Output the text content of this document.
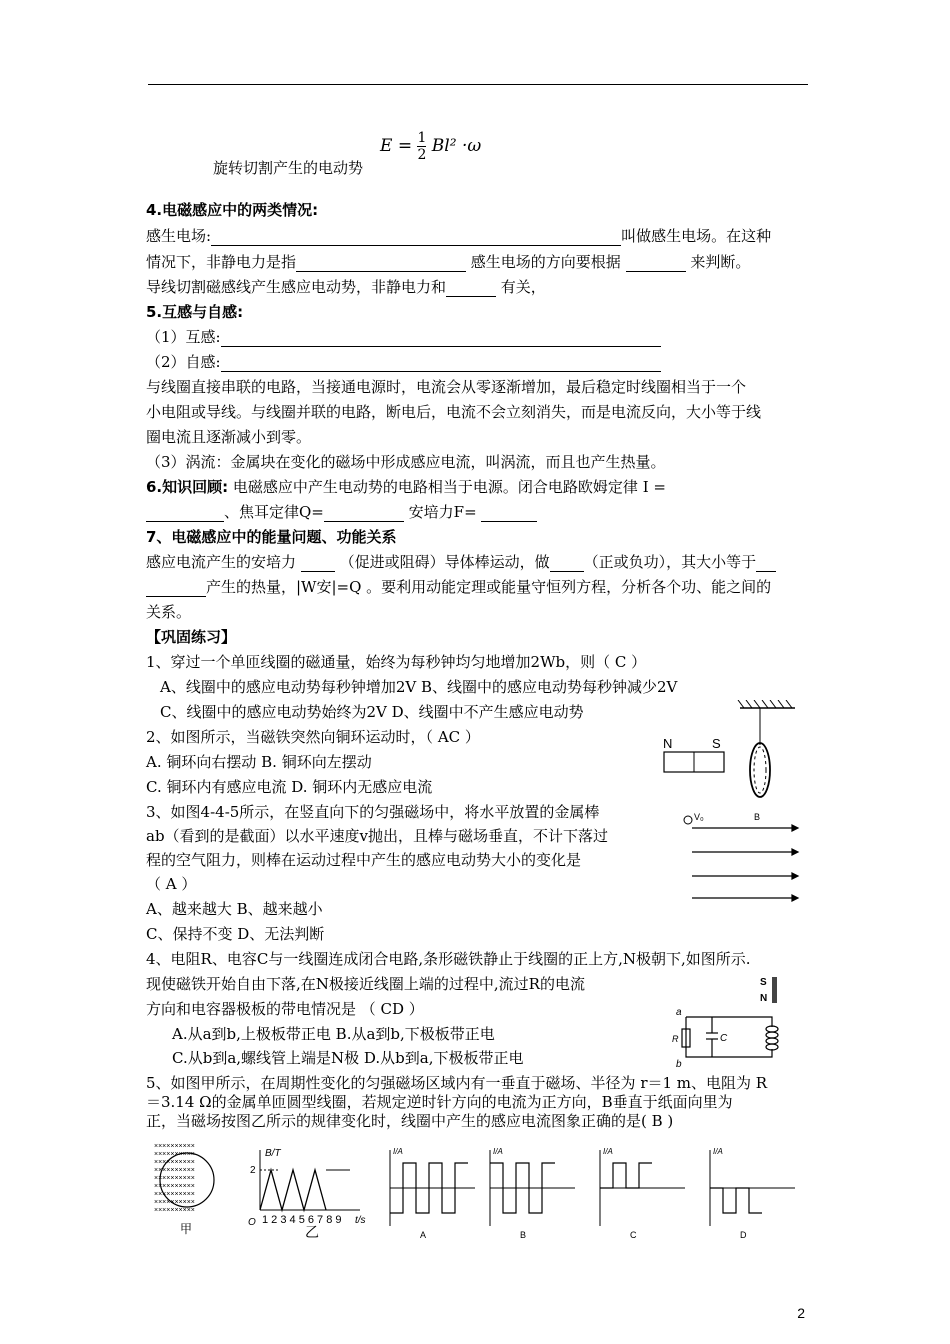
$E = \frac{1}{2} Bl^2 \cdot\omega$
旋转切割产生的电动势
4.电磁感应中的两类情况:
感生电场:	叫做感生电场。在这种
情况下，非静电力是指	感生电场的方向要根据	来判断。
导线切割磁感线产生感应电动势，非静电力和	有关，
5.互感与自感:
（1）互感:
（2）自感:
与线圈直接串联的电路，当接通电源时，电流会从零逐渐增加，最后稳定时线圈相当于一个
小电阻或导线。与线圈并联的电路，断电后，电流不会立刻消失，而是电流反向，大小等于线
圈电流且逐渐减小到零。
（3）涡流：金属块在变化的磁场中形成感应电流，叫涡流，而且也产生热量。
6.知识回顾: 电磁感应中产生电动势的电路相当于电源。闭合电路欧姆定律 I =
、焦耳定律Q=	安培力F=
7、电磁感应中的能量问题、功能关系
感应电流产生的安培力	（促进或阻碍）导体棒运动，做 （正或负功），其大小等于
产生的热量，|W安|=Q 。要利用动能定理或能量守恒列方程，分析各个功、能之间的
关系。
【巩固练习】
1、穿过一个单匝线圈的磁通量，始终为每秒钟均匀地增加2Wb，则（ C ）
A、线圈中的感应电动势每秒钟增加2V B、线圈中的感应电动势每秒钟减少2V
C、线圈中的感应电动势始终为2V D、线圈中不产生感应电动势
2、如图所示，当磁铁突然向铜环运动时，（ AC ）
A. 铜环向右摆动 B. 铜环向左摆动
C. 铜环内有感应电流 D. 铜环内无感应电流
N	S
3、如图4-4-5所示，在竖直向下的匀强磁场中，将水平放置的金属棒
ab（看到的是截面）以水平速度v抛出，且棒与磁场垂直，不计下落过
程的空气阻力，则棒在运动过程中产生的感应电动势大小的变化是
（ A ）
A、越来越大 B、越来越小
C、保持不变 D、无法判断
V₀	B
4、电阻R、电容C与一线圈连成闭合电路,条形磁铁静止于线圈的正上方,N极朝下,如图所示.
现使磁铁开始自由下落,在N极接近线圈上端的过程中,流过R的电流
方向和电容器极板的带电情况是 （ CD ）
A.从a到b,上极板带正电 B.从a到b,下极板带正电
C.从b到a,螺线管上端是N极 D.从b到a,下极板带正电
S
N
a
b
R	C
5、如图甲所示，在周期性变化的匀强磁场区域内有一垂直于磁场、半径为 r＝1 m、电阻为 R
＝3.14 Ω的金属单匝圆型线圈，若规定逆时针方向的电流为正方向，B垂直于纸面向里为
正，当磁场按图乙所示的规律变化时，线圈中产生的感应电流图象正确的是( B )
××××××××××
××××××××××
××××××××××
××××××××××
××××××××××
××××××××××
××××××××××
××××××××××
××××××××××
甲
B/T
2
O 1 2 3 4 5 6 7 8 9 t/s
乙	A
I/A
B
I/A
C
I/A
D
I/A
2
